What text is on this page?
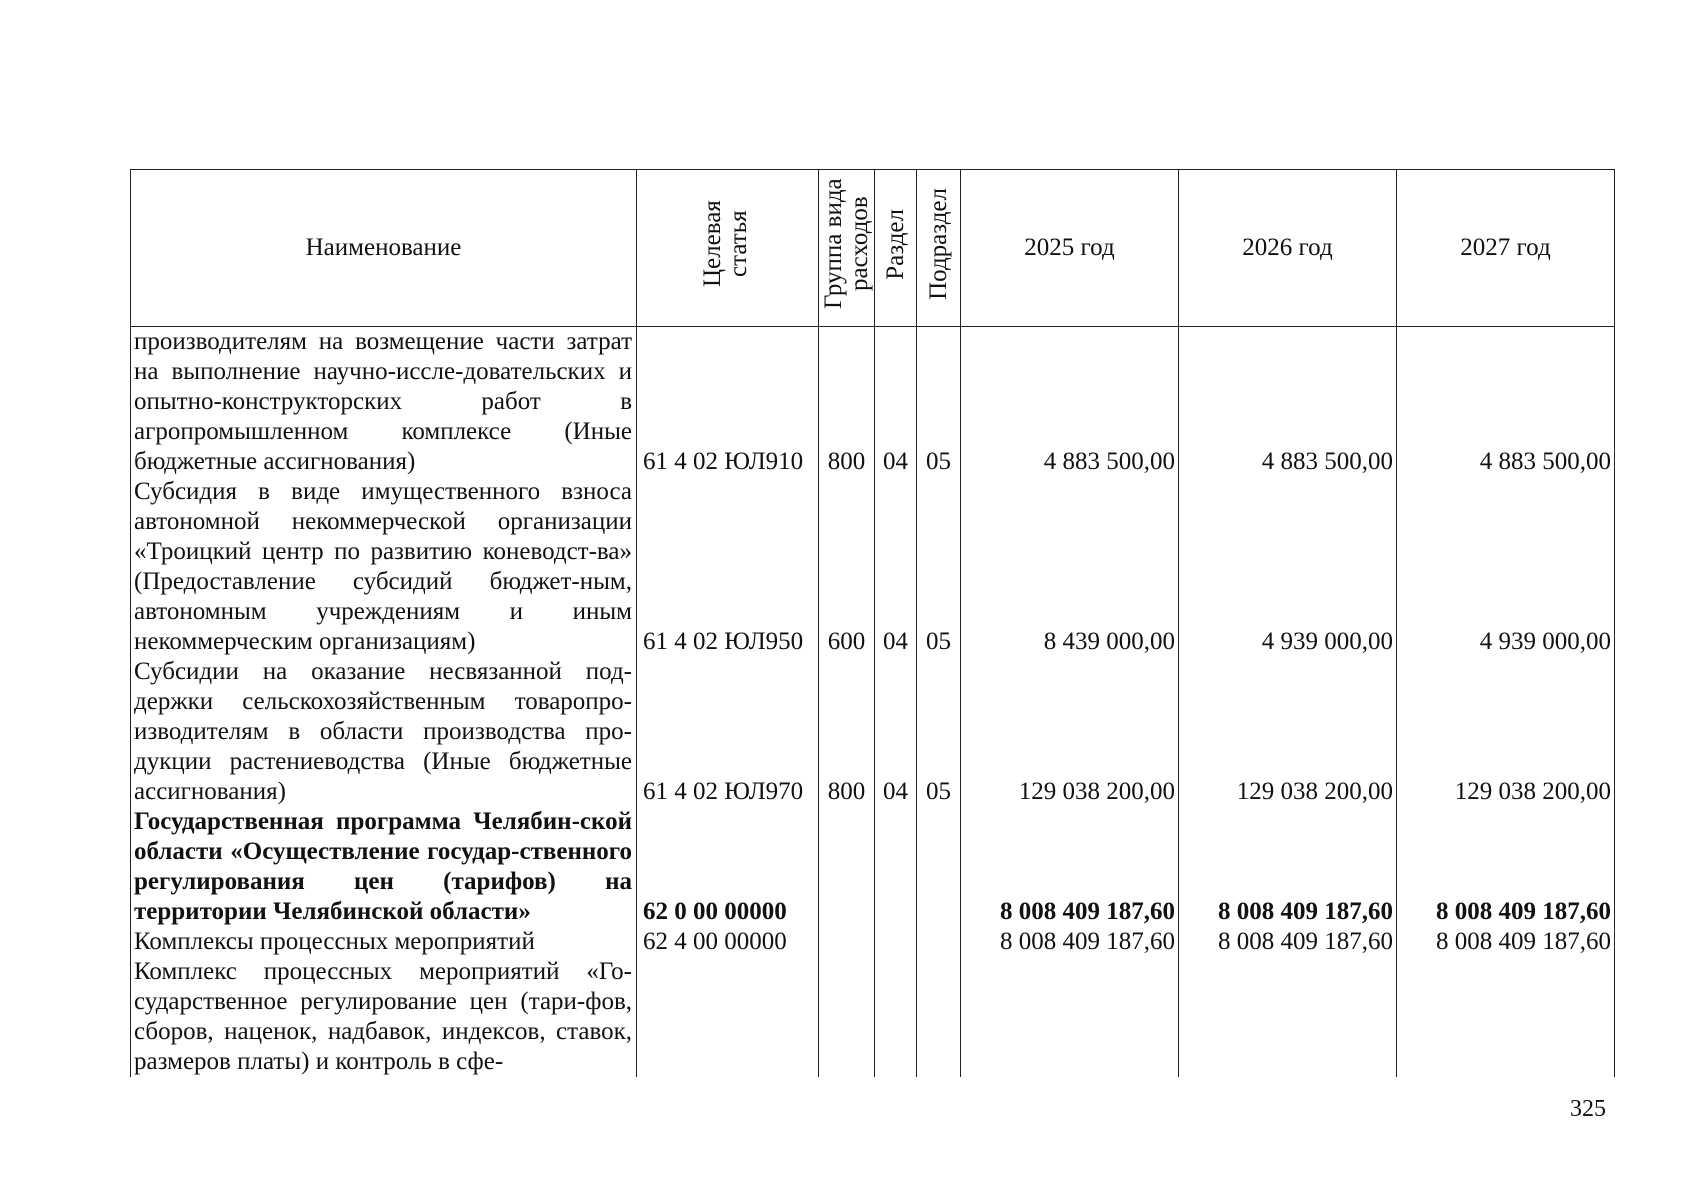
Наименование	Целевая статья	Группа вида расходов	Раздел	Подраздел	2025 год	2026 год	2027 год
производителям на возмещение части затрат на выполнение научно-иссле-довательских и опытно-конструкторских работ в агропромышленном комплексе (Иные бюджетные ассигнования)	61 4 02 ЮЛ910	800	04	05	4 883 500,00	4 883 500,00	4 883 500,00
Субсидия в виде имущественного взноса автономной некоммерческой организации «Троицкий центр по развитию коневодст-ва» (Предоставление субсидий бюджет-ным, автономным учреждениям и иным некоммерческим организациям)	61 4 02 ЮЛ950	600	04	05	8 439 000,00	4 939 000,00	4 939 000,00
Субсидии на оказание несвязанной под-держки сельскохозяйственным товаропро-изводителям в области производства про-дукции растениеводства (Иные бюджетные ассигнования)	61 4 02 ЮЛ970	800	04	05	129 038 200,00	129 038 200,00	129 038 200,00
Государственная программа Челябин-ской области «Осуществление государ-ственного регулирования цен (тарифов) на территории Челябинской области»	62 0 00 00000				8 008 409 187,60	8 008 409 187,60	8 008 409 187,60
Комплексы процессных мероприятий	62 4 00 00000				8 008 409 187,60	8 008 409 187,60	8 008 409 187,60
Комплекс процессных мероприятий «Го-сударственное регулирование цен (тари-фов, сборов, наценок, надбавок, индексов, ставок, размеров платы) и контроль в сфе-							
325
